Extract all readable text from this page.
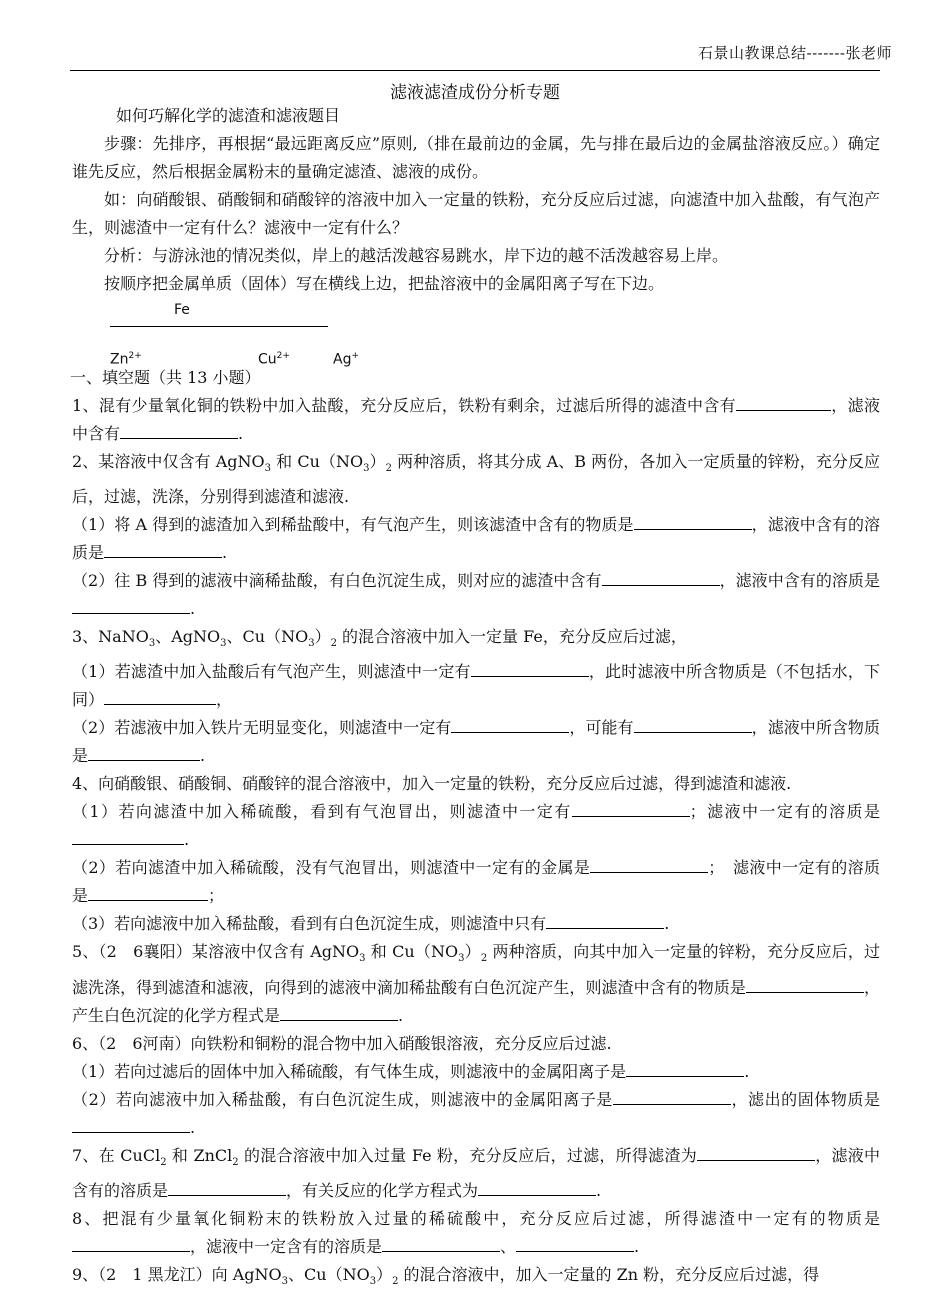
石景山教课总结-------张老师
滤液滤渣成份分析专题

如何巧解化学的滤渣和滤液题目

步骤：先排序，再根据“最远距离反应”原则,（排在最前边的金属，先与排在最后边的金属盐溶液反应。）确定谁先反应，然后根据金属粉末的量确定滤渣、滤液的成份。

如：向硝酸银、硝酸铜和硝酸锌的溶液中加入一定量的铁粉，充分反应后过滤，向滤渣中加入盐酸，有气泡产生，则滤渣中一定有什么？滤液中一定有什么？

分析：与游泳池的情况类似，岸上的越活泼越容易跳水，岸下边的越不活泼越容易上岸。

按顺序把金属单质（固体）写在横线上边，把盐溶液中的金属阳离子写在下边。

Fe
$Zn^{2+}$	$Cu^{2+}$	Ag+

一、填空题（共 13 小题）

1、混有少量氧化铜的铁粉中加入盐酸，充分反应后，铁粉有剩余，过滤后所得的滤渣中含有	，滤液中含有	.

2、某溶液中仅含有 AgNO$_3$ 和 $Cu(NO_3)_2$ 两种溶质，将其分成 A、B 两份，各加入一定质量的锌粉，充分反应后，过滤，洗涤，分别得到滤渣和滤液.

（1）将 A 得到的滤渣加入到稀盐酸中，有气泡产生，则该滤渣中含有的物质是	，滤液中含有的溶质是	.

（2）往 B 得到的滤液中滴稀盐酸，有白色沉淀生成，则对应的滤渣中含有	，滤液中含有的溶质是.

3、NaNO$_3$、AgNO$_3$、$Cu(NO_3)_2$ 的混合溶液中加入一定量 Fe，充分反应后过滤，

（1）若滤渣中加入盐酸后有气泡产生，则滤渣中一定有	，此时滤液中所含物质是（不包括水，下同）	，

（2）若滤液中加入铁片无明显变化，则滤渣中一定有	，可能有	，滤液中所含物质是	.

4、向硝酸银、硝酸铜、硝酸锌的混合溶液中，加入一定量的铁粉，充分反应后过滤，得到滤渣和滤液.

（1）若向滤渣中加入稀硫酸，看到有气泡冒出，则滤渣中一定有	；滤液中一定有的溶质是.

（2）若向滤渣中加入稀硫酸，没有气泡冒出，则滤渣中一定有的金属是	；　滤液中一定有的溶质是	；

（3）若向滤液中加入稀盐酸，看到有白色沉淀生成，则滤渣中只有	.

5、（2　6襄阳）某溶液中仅含有 AgNO$_3$ 和 $Cu(NO_3)_2$ 两种溶质，向其中加入一定量的锌粉，充分反应后，过滤洗涤，得到滤渣和滤液，向得到的滤液中滴加稀盐酸有白色沉淀产生，则滤渣中含有的物质是	，产生白色沉淀的化学方程式是	.

6、（2　6河南）向铁粉和铜粉的混合物中加入硝酸银溶液，充分反应后过滤.

（1）若向过滤后的固体中加入稀硫酸，有气体生成，则滤液中的金属阳离子是	.

（2）若向滤液中加入稀盐酸，有白色沉淀生成，则滤液中的金属阳离子是	，滤出的固体物质是.

7、在 CuCl$_2$ 和 ZnCl$_2$ 的混合溶液中加入过量 Fe 粉，充分反应后，过滤，所得滤渣为	，滤液中含有的溶质是	，有关反应的化学方程式为	.

8、把混有少量氧化铜粉末的铁粉放入过量的稀硫酸中，充分反应后过滤，所得滤渣中一定有的物质是，滤液中一定含有的溶质是	、	.

9、（2　1 黑龙江）向 AgNO$_3$、$Cu(NO_3)_2$ 的混合溶液中，加入一定量的 Zn 粉，充分反应后过滤，得
